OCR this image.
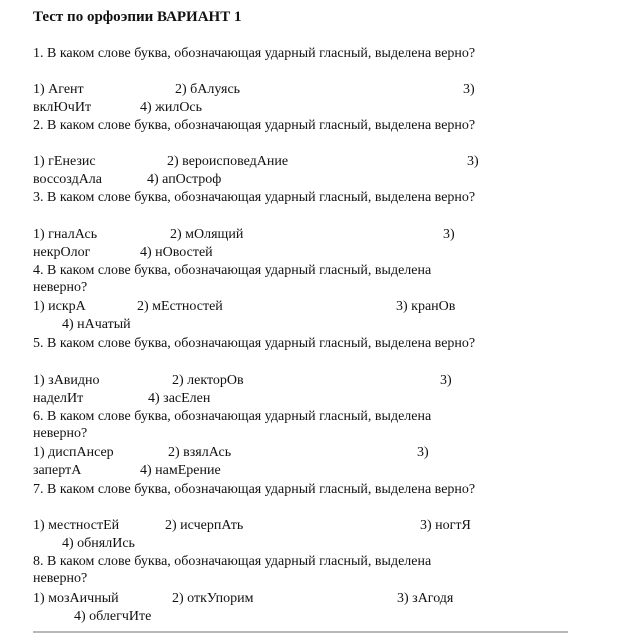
Тест по орфоэпии ВАРИАНТ 1
1. В каком слове буква, обозначающая ударный гласный, выделена верно?
1) Агент	2) бАлуясь	3)
вклЮчИт	4) жилОсь
2. В каком слове буква, обозначающая ударный гласный, выделена верно?
1) гЕнезис	2) вероисповедАние	3)
воссоздАла	4) апОстроф
3. В каком слове буква, обозначающая ударный гласный, выделена верно?
1) гналАсь	2) мОлящий	3)
некрОлог	4) нОвостей
4. В каком слове буква, обозначающая ударный гласный, выделена неверно?
1) искрА	2) мЕстностей	3) кранОв
4) нАчатый
5. В каком слове буква, обозначающая ударный гласный, выделена верно?
1) зАвидно	2) лекторОв	3)
наделИт	4) засЕлен
6. В каком слове буква, обозначающая ударный гласный, выделена неверно?
1) диспАнсер	2) взялАсь	3)
запертА	4) намЕрение
7. В каком слове буква, обозначающая ударный гласный, выделена верно?
1) местностЕй	2) исчерпАть	3) ногтЯ
4) обнялИсь
8. В каком слове буква, обозначающая ударный гласный, выделена неверно?
1) мозАичный	2) откУпорим	3) зАгодя
4) облегчИте
